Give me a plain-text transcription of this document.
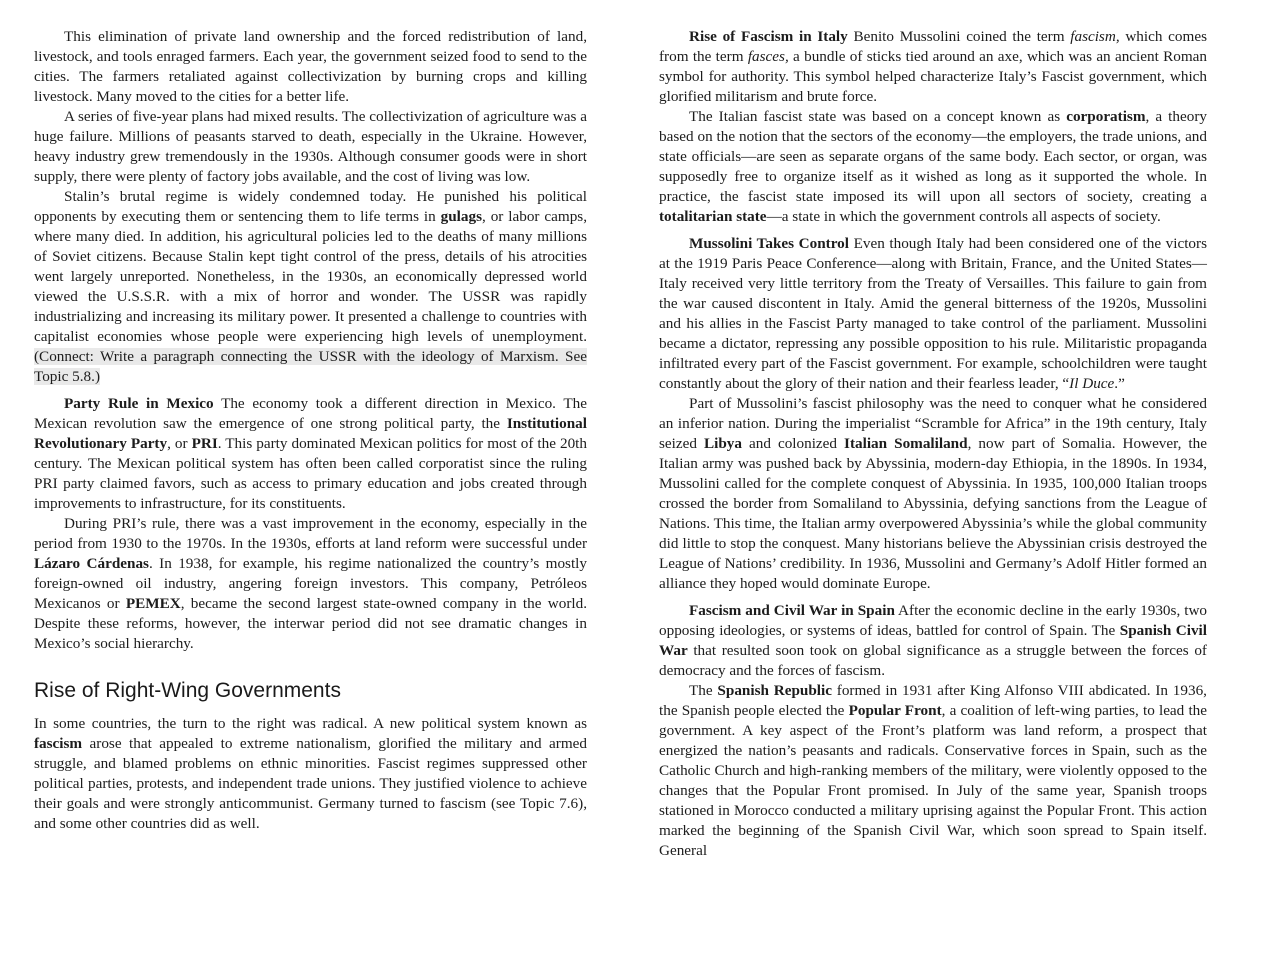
This elimination of private land ownership and the forced redistribution of land, livestock, and tools enraged farmers. Each year, the government seized food to send to the cities. The farmers retaliated against collectivization by burning crops and killing livestock. Many moved to the cities for a better life.

A series of five-year plans had mixed results. The collectivization of agriculture was a huge failure. Millions of peasants starved to death, especially in the Ukraine. However, heavy industry grew tremendously in the 1930s. Although consumer goods were in short supply, there were plenty of factory jobs available, and the cost of living was low.

Stalin’s brutal regime is widely condemned today. He punished his political opponents by executing them or sentencing them to life terms in gulags, or labor camps, where many died. In addition, his agricultural policies led to the deaths of many millions of Soviet citizens. Because Stalin kept tight control of the press, details of his atrocities went largely unreported. Nonetheless, in the 1930s, an economically depressed world viewed the U.S.S.R. with a mix of horror and wonder. The USSR was rapidly industrializing and increasing its military power. It presented a challenge to countries with capitalist economies whose people were experiencing high levels of unemployment. (Connect: Write a paragraph connecting the USSR with the ideology of Marxism. See Topic 5.8.)

Party Rule in Mexico The economy took a different direction in Mexico. The Mexican revolution saw the emergence of one strong political party, the Institutional Revolutionary Party, or PRI. This party dominated Mexican politics for most of the 20th century. The Mexican political system has often been called corporatist since the ruling PRI party claimed favors, such as access to primary education and jobs created through improvements to infrastructure, for its constituents.

During PRI’s rule, there was a vast improvement in the economy, especially in the period from 1930 to the 1970s. In the 1930s, efforts at land reform were successful under Lázaro Cárdenas. In 1938, for example, his regime nationalized the country’s mostly foreign-owned oil industry, angering foreign investors. This company, Petróleos Mexicanos or PEMEX, became the second largest state-owned company in the world. Despite these reforms, however, the interwar period did not see dramatic changes in Mexico’s social hierarchy.

Rise of Right-Wing Governments

In some countries, the turn to the right was radical. A new political system known as fascism arose that appealed to extreme nationalism, glorified the military and armed struggle, and blamed problems on ethnic minorities. Fascist regimes suppressed other political parties, protests, and independent trade unions. They justified violence to achieve their goals and were strongly anticommunist. Germany turned to fascism (see Topic 7.6), and some other countries did as well.

Rise of Fascism in Italy Benito Mussolini coined the term fascism, which comes from the term fasces, a bundle of sticks tied around an axe, which was an ancient Roman symbol for authority. This symbol helped characterize Italy’s Fascist government, which glorified militarism and brute force.

The Italian fascist state was based on a concept known as corporatism, a theory based on the notion that the sectors of the economy—the employers, the trade unions, and state officials—are seen as separate organs of the same body. Each sector, or organ, was supposedly free to organize itself as it wished as long as it supported the whole. In practice, the fascist state imposed its will upon all sectors of society, creating a totalitarian state—a state in which the government controls all aspects of society.

Mussolini Takes Control Even though Italy had been considered one of the victors at the 1919 Paris Peace Conference—along with Britain, France, and the United States—Italy received very little territory from the Treaty of Versailles. This failure to gain from the war caused discontent in Italy. Amid the general bitterness of the 1920s, Mussolini and his allies in the Fascist Party managed to take control of the parliament. Mussolini became a dictator, repressing any possible opposition to his rule. Militaristic propaganda infiltrated every part of the Fascist government. For example, schoolchildren were taught constantly about the glory of their nation and their fearless leader, “Il Duce.”

Part of Mussolini’s fascist philosophy was the need to conquer what he considered an inferior nation. During the imperialist “Scramble for Africa” in the 19th century, Italy seized Libya and colonized Italian Somaliland, now part of Somalia. However, the Italian army was pushed back by Abyssinia, modern-day Ethiopia, in the 1890s. In 1934, Mussolini called for the complete conquest of Abyssinia. In 1935, 100,000 Italian troops crossed the border from Somaliland to Abyssinia, defying sanctions from the League of Nations. This time, the Italian army overpowered Abyssinia’s while the global community did little to stop the conquest. Many historians believe the Abyssinian crisis destroyed the League of Nations’ credibility. In 1936, Mussolini and Germany’s Adolf Hitler formed an alliance they hoped would dominate Europe.

Fascism and Civil War in Spain After the economic decline in the early 1930s, two opposing ideologies, or systems of ideas, battled for control of Spain. The Spanish Civil War that resulted soon took on global significance as a struggle between the forces of democracy and the forces of fascism.

The Spanish Republic formed in 1931 after King Alfonso VIII abdicated. In 1936, the Spanish people elected the Popular Front, a coalition of left-wing parties, to lead the government. A key aspect of the Front’s platform was land reform, a prospect that energized the nation’s peasants and radicals. Conservative forces in Spain, such as the Catholic Church and high-ranking members of the military, were violently opposed to the changes that the Popular Front promised. In July of the same year, Spanish troops stationed in Morocco conducted a military uprising against the Popular Front. This action marked the beginning of the Spanish Civil War, which soon spread to Spain itself. General
